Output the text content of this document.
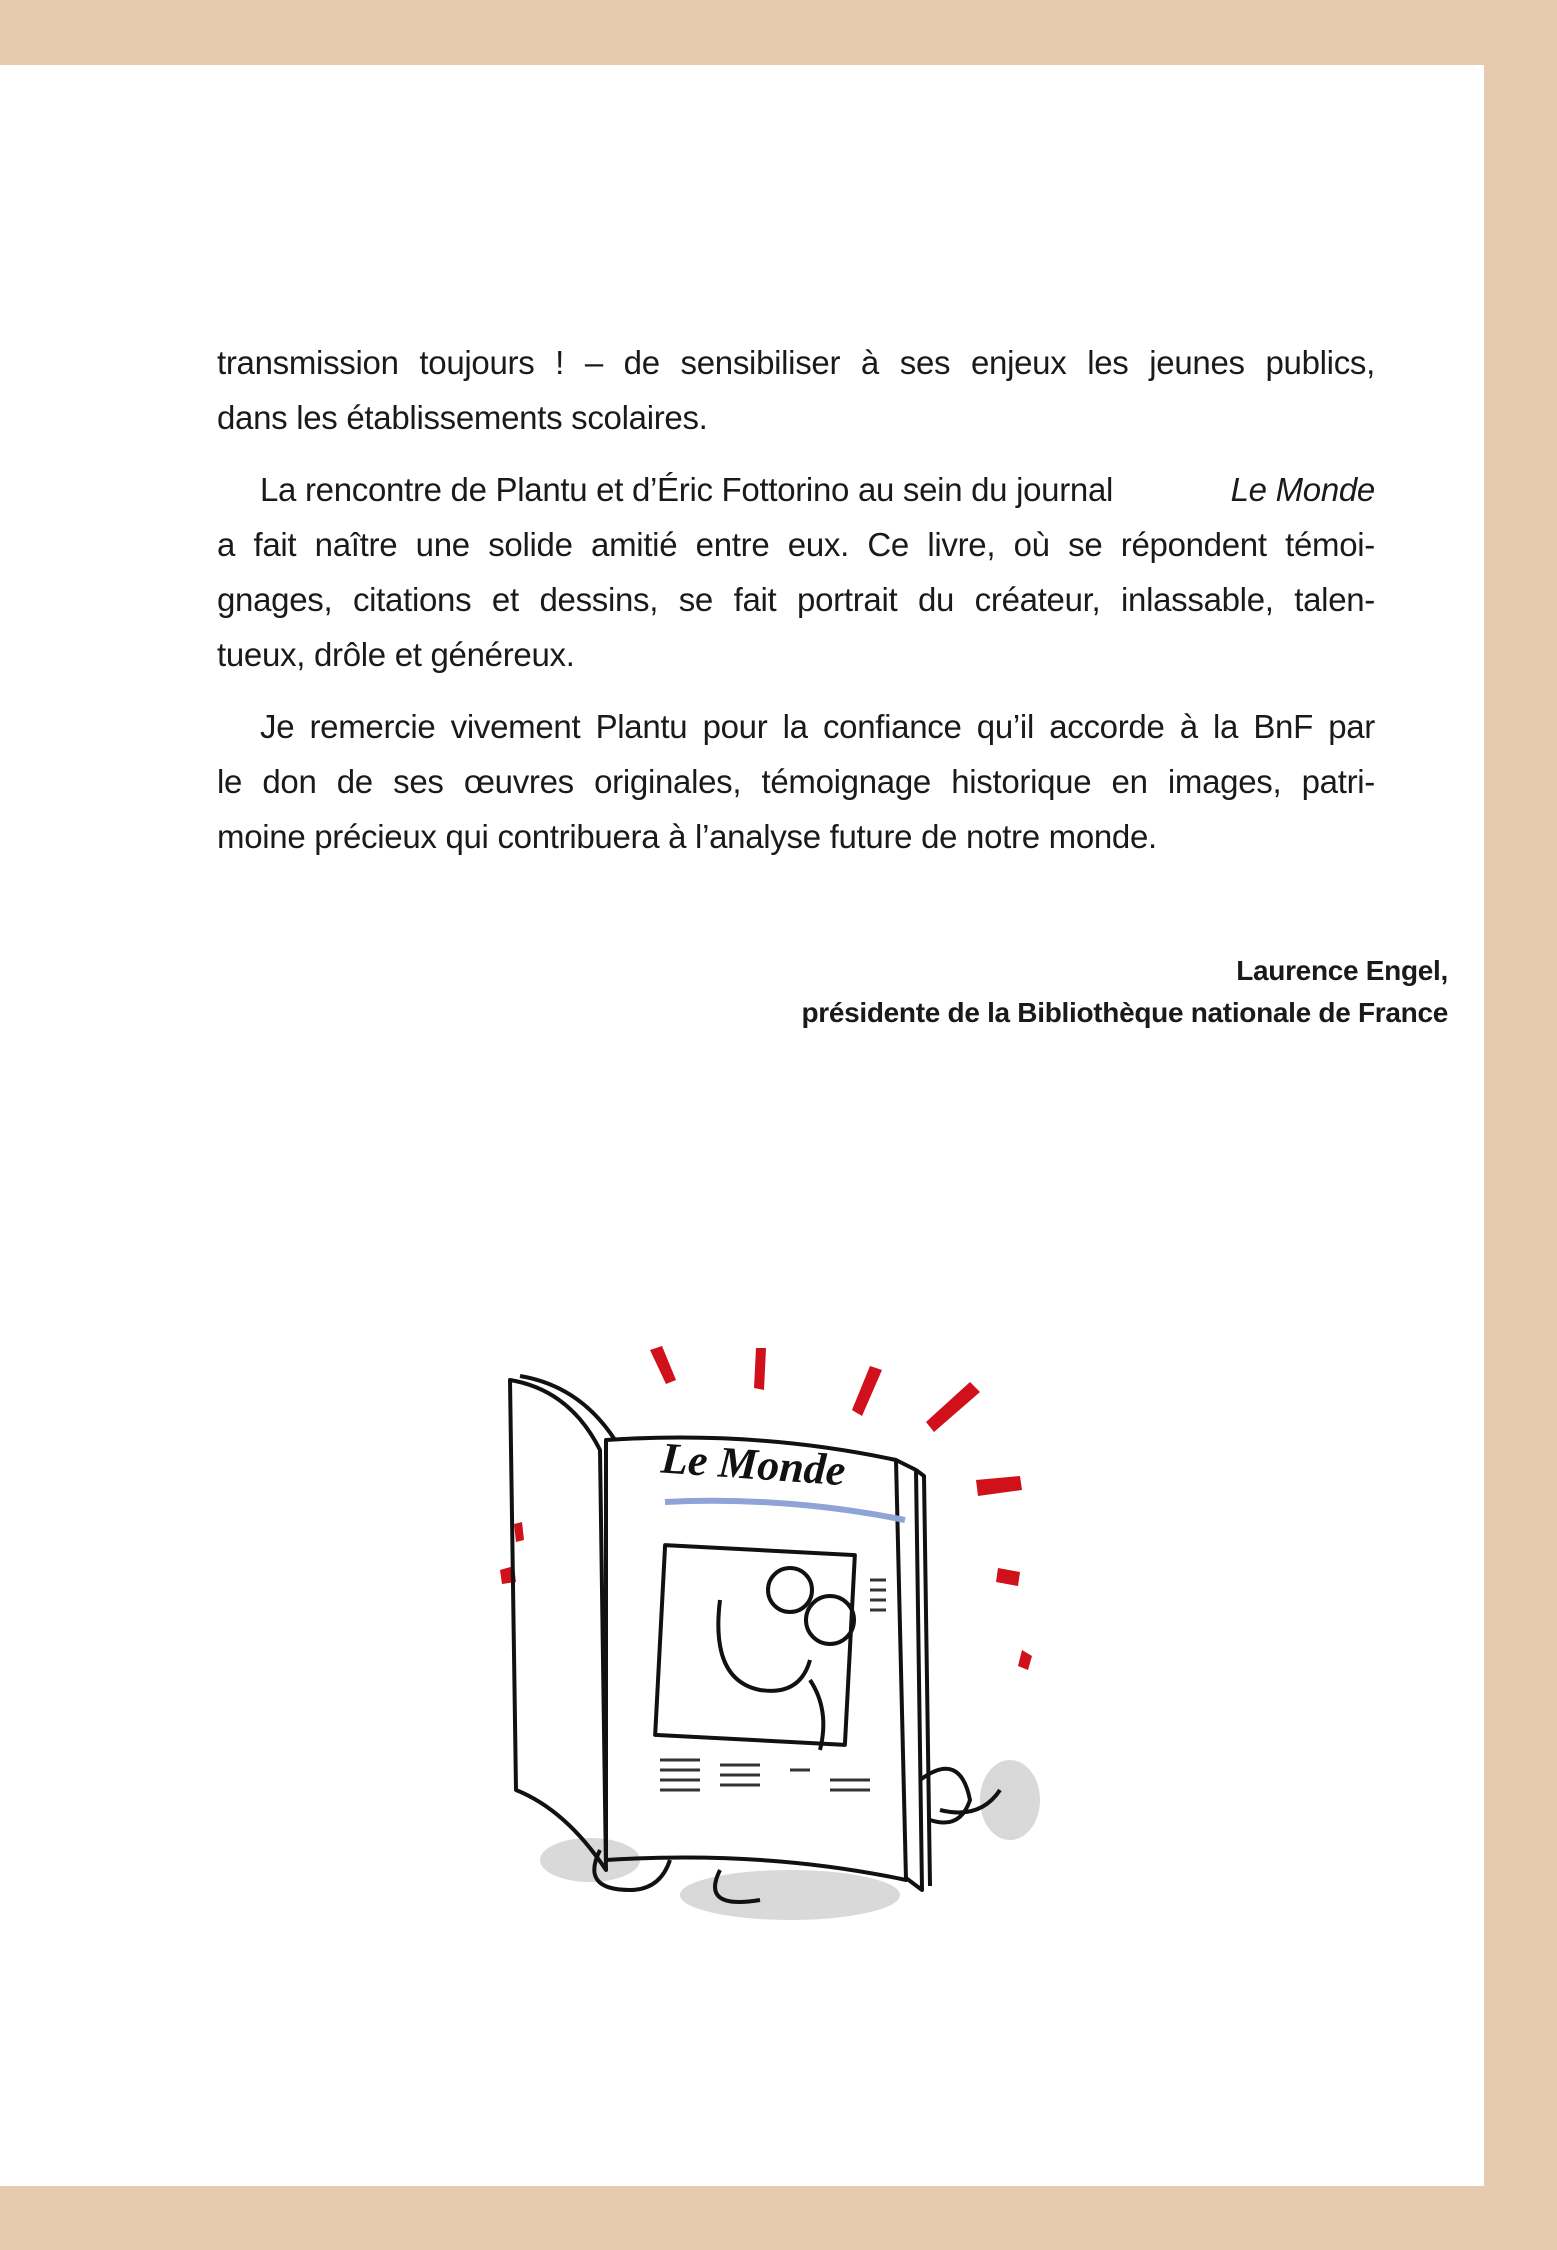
transmission toujours ! – de sensibiliser à ses enjeux les jeunes publics,
dans les établissements scolaires.
La rencontre de Plantu et d’Éric Fottorino au sein du journal	Le Monde
a fait naître une solide amitié entre eux. Ce livre, où se répondent témoi-
gnages, citations et dessins, se fait portrait du créateur, inlassable, talen-
tueux, drôle et généreux.
Je remercie vivement Plantu pour la confiance qu’il accorde à la BnF par
le don de ses œuvres originales, témoignage historique en images, patri-
moine précieux qui contribuera à l’analyse future de notre monde.
Laurence Engel,
présidente de la Bibliothèque nationale de France
Le Monde
